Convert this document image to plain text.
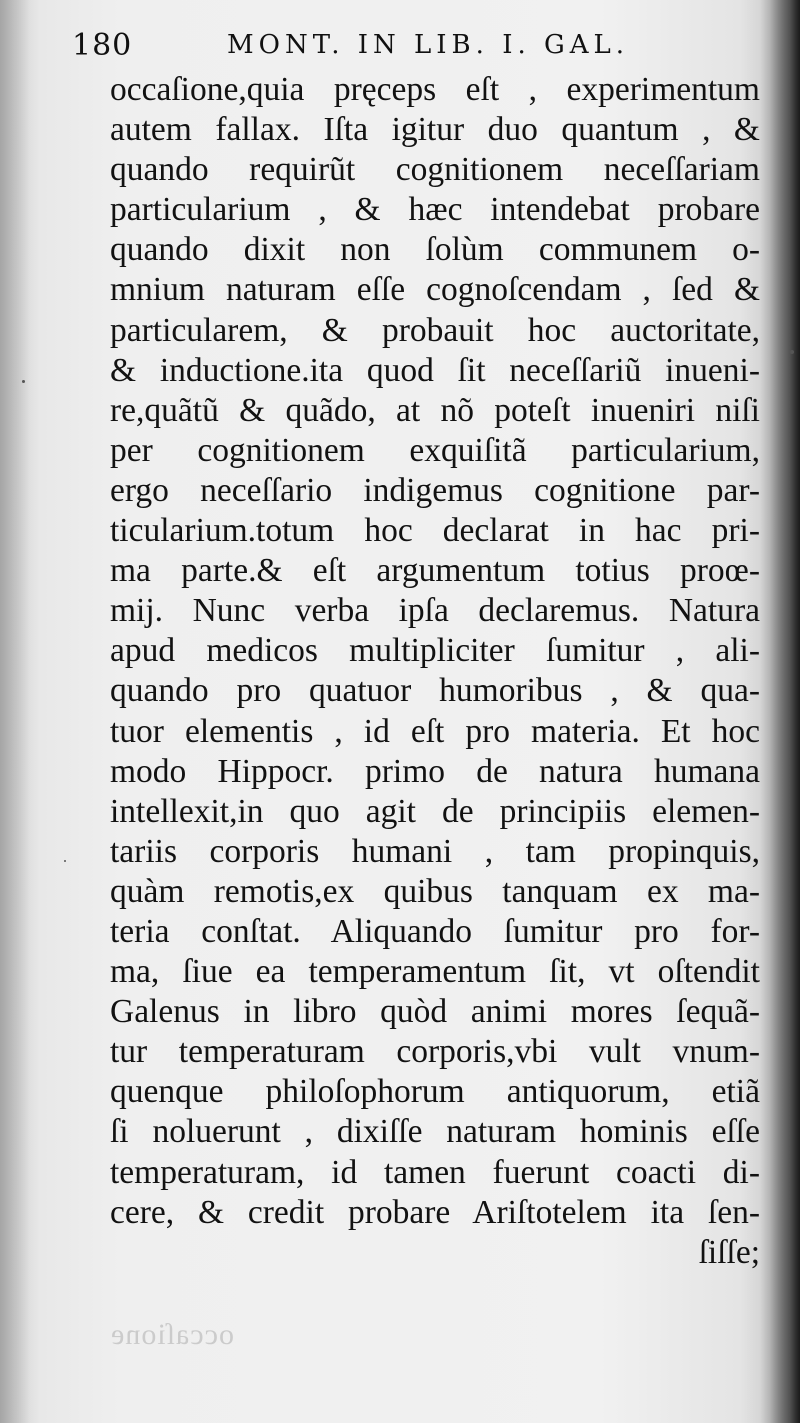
180	MONT. IN LIB. I. GAL.
occaſione,quia pręceps eſt , experimentum
autem fallax. Iſta igitur duo quantum , &
quando requirũt cognitionem neceſſariam
particularium , & hæc intendebat probare
quando dixit non ſolùm communem o-
mnium naturam eſſe cognoſcendam , ſed &
particularem, & probauit hoc auctoritate,
& inductione.ita quod ſit neceſſariũ inueni-
re,quãtũ & quãdo, at nõ poteſt inueniri niſi
per cognitionem exquiſitã particularium,
ergo neceſſario indigemus cognitione par-
ticularium.totum hoc declarat in hac pri-
ma parte.& eſt argumentum totius proœ-
mij. Nunc verba ipſa declaremus. Natura
apud medicos multipliciter ſumitur , ali-
quando pro quatuor humoribus , & qua-
tuor elementis , id eſt pro materia. Et hoc
modo Hippocr. primo de natura humana
intellexit,in quo agit de principiis elemen-
tariis corporis humani , tam propinquis,
quàm remotis,ex quibus tanquam ex ma-
teria conſtat. Aliquando ſumitur pro for-
ma, ſiue ea temperamentum ſit, vt oſtendit
Galenus in libro quòd animi mores ſequã-
tur temperaturam corporis,vbi vult vnum-
quenque philoſophorum antiquorum, etiã
ſi noluerunt , dixiſſe naturam hominis eſſe
temperaturam, id tamen fuerunt coacti di-
cere, & credit probare Ariſtotelem ita ſen-
ſiſſe;
occaſione
